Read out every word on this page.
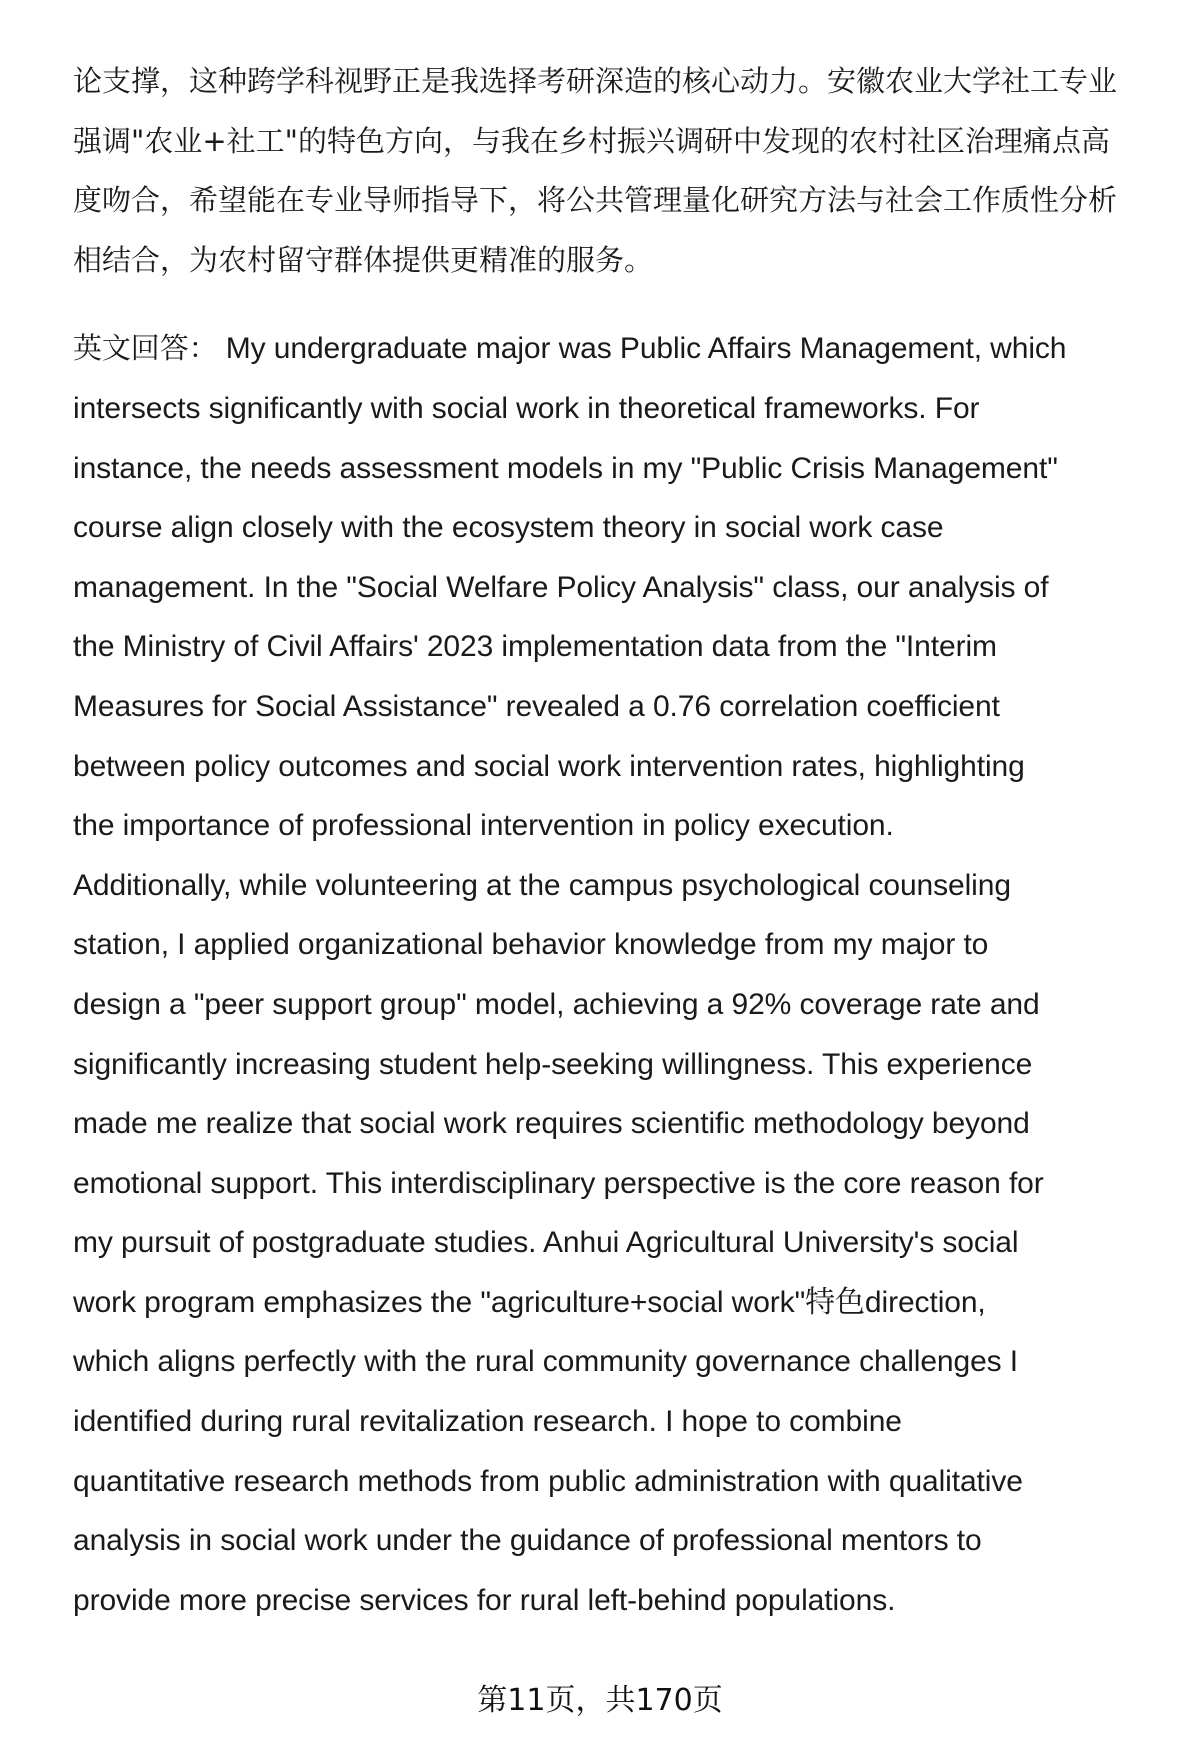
论支撑，这种跨学科视野正是我选择考研深造的核心动力。安徽农业大学社工专业
强调"农业+社工"的特色方向，与我在乡村振兴调研中发现的农村社区治理痛点高
度吻合，希望能在专业导师指导下，将公共管理量化研究方法与社会工作质性分析
相结合，为农村留守群体提供更精准的服务。
英文回答： My undergraduate major was Public Affairs Management, which
intersects significantly with social work in theoretical frameworks. For
instance, the needs assessment models in my "Public Crisis Management"
course align closely with the ecosystem theory in social work case
management. In the "Social Welfare Policy Analysis" class, our analysis of
the Ministry of Civil Affairs' 2023 implementation data from the "Interim
Measures for Social Assistance" revealed a 0.76 correlation coefficient
between policy outcomes and social work intervention rates, highlighting
the importance of professional intervention in policy execution.
Additionally, while volunteering at the campus psychological counseling
station, I applied organizational behavior knowledge from my major to
design a "peer support group" model, achieving a 92% coverage rate and
significantly increasing student help-seeking willingness. This experience
made me realize that social work requires scientific methodology beyond
emotional support. This interdisciplinary perspective is the core reason for
my pursuit of postgraduate studies. Anhui Agricultural University's social
work program emphasizes the "agriculture+social work"特色direction,
which aligns perfectly with the rural community governance challenges I
identified during rural revitalization research. I hope to combine
quantitative research methods from public administration with qualitative
analysis in social work under the guidance of professional mentors to
provide more precise services for rural left-behind populations.
第11页，共170页
